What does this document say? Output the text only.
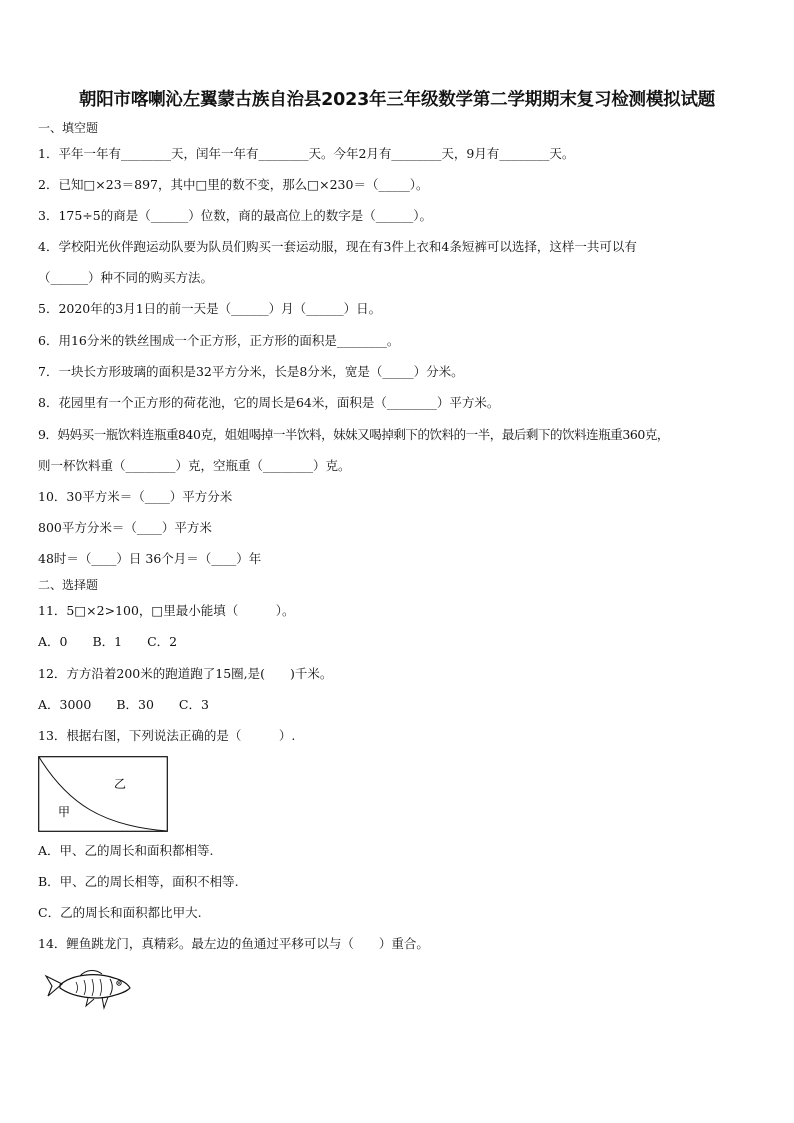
朝阳市喀喇沁左翼蒙古族自治县2023年三年级数学第二学期期末复习检测模拟试题
一、填空题
1．平年一年有________天，闰年一年有________天。今年2月有________天，9月有________天。
2．已知□×23＝897，其中□里的数不变，那么□×230＝（_____）。
3．175÷5的商是（______）位数，商的最高位上的数字是（______）。
4．学校阳光伙伴跑运动队要为队员们购买一套运动服，现在有3件上衣和4条短裤可以选择，这样一共可以有
（______）种不同的购买方法。
5．2020年的3月1日的前一天是（______）月（______）日。
6．用16分米的铁丝围成一个正方形，正方形的面积是________。
7．一块长方形玻璃的面积是32平方分米，长是8分米，宽是（_____）分米。
8．花园里有一个正方形的荷花池，它的周长是64米，面积是（________）平方米。
9．妈妈买一瓶饮料连瓶重840克，姐姐喝掉一半饮料，妹妹又喝掉剩下的饮料的一半，最后剩下的饮料连瓶重360克，
则一杯饮料重（________）克，空瓶重（________）克。
10．30平方米＝（____）平方分米
800平方分米＝（____）平方米
48时＝（____）日 36个月＝（____）年
二、选择题
11．5□×2>100，□里最小能填（　　　）。
A．0　　B．1　　C．2
12．方方沿着200米的跑道跑了15圈,是(　　)千米。
A．3000　　B．30　　C．3
13．根据右图，下列说法正确的是（　　　）.
乙
甲
A．甲、乙的周长和面积都相等.
B．甲、乙的周长相等，面积不相等.
C．乙的周长和面积都比甲大.
14．鲤鱼跳龙门，真精彩。最左边的鱼通过平移可以与（　　）重合。
